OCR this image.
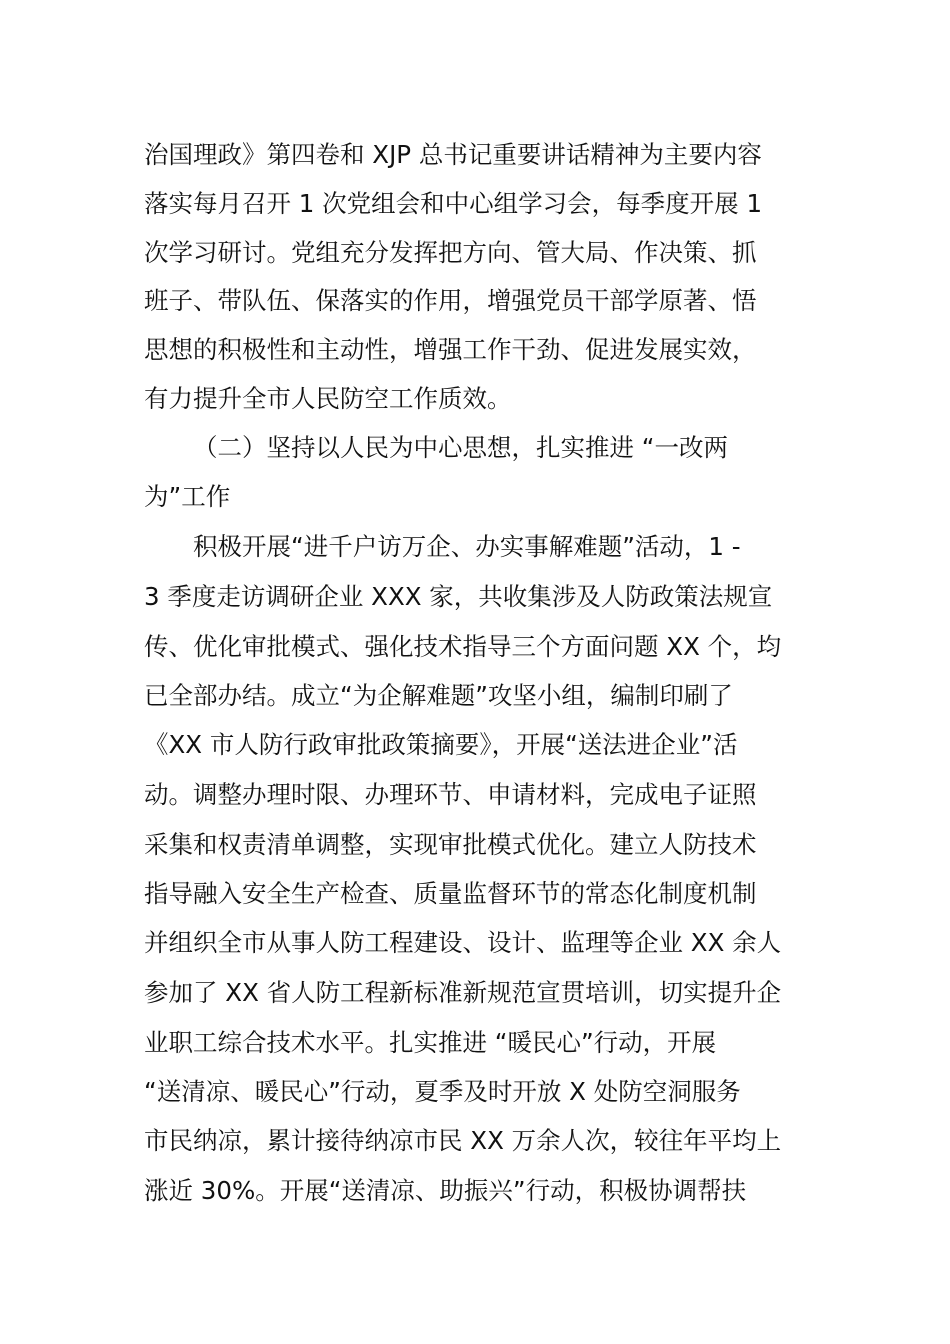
治国理政》第四卷和 XJP 总书记重要讲话精神为主要内容
落实每月召开 1 次党组会和中心组学习会，每季度开展 1
次学习研讨。党组充分发挥把方向、管大局、作决策、抓
班子、带队伍、保落实的作用，增强党员干部学原著、悟
思想的积极性和主动性，增强工作干劲、促进发展实效，
有力提升全市人民防空工作质效。
（二）坚持以人民为中心思想，扎实推进 “一改两
为”工作
积极开展“进千户访万企、办实事解难题”活动，1 -
3 季度走访调研企业 XXX 家，共收集涉及人防政策法规宣
传、优化审批模式、强化技术指导三个方面问题 XX 个，均
已全部办结。成立“为企解难题”攻坚小组，编制印刷了
《XX 市人防行政审批政策摘要》，开展“送法进企业”活
动。调整办理时限、办理环节、申请材料，完成电子证照
采集和权责清单调整，实现审批模式优化。建立人防技术
指导融入安全生产检查、质量监督环节的常态化制度机制
并组织全市从事人防工程建设、设计、监理等企业 XX 余人
参加了 XX 省人防工程新标准新规范宣贯培训，切实提升企
业职工综合技术水平。扎实推进 “暖民心”行动，开展
“送清凉、暖民心”行动，夏季及时开放 X 处防空洞服务
市民纳凉，累计接待纳凉市民 XX 万余人次，较往年平均上
涨近 30%。开展“送清凉、助振兴”行动，积极协调帮扶
